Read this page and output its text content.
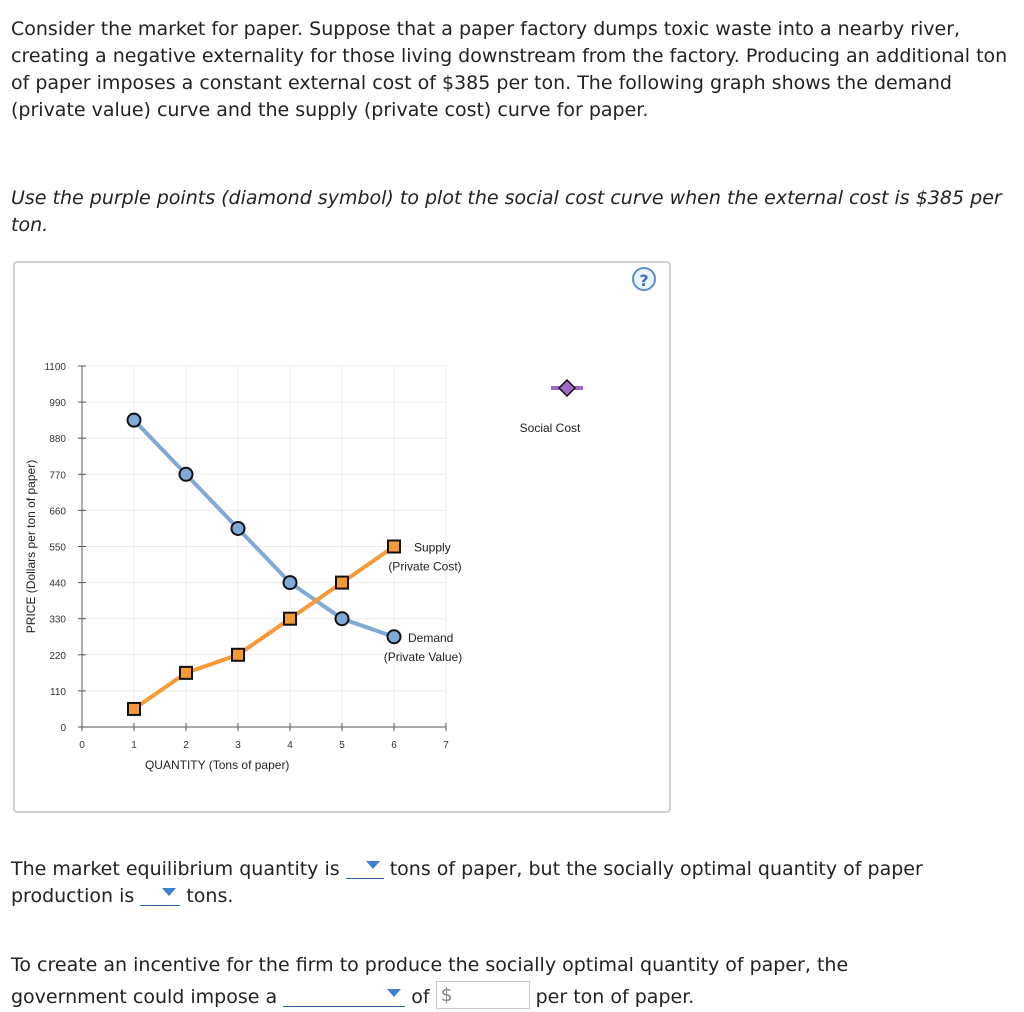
Consider the market for paper. Suppose that a paper factory dumps toxic waste into a nearby river, creating a negative externality for those living downstream from the factory. Producing an additional ton of paper imposes a constant external cost of $385 per ton. The following graph shows the demand (private value) curve and the supply (private cost) curve for paper.

Use the purple points (diamond symbol) to plot the social cost curve when the external cost is $385 per ton.

?
0
110
220
330
440
550
660
770
880
990
1100
0	1	2	3	4	5	6	7
QUANTITY (Tons of paper)
PRICE (Dollars per ton of paper)	Supply
(Private Cost)
Demand
(Private Value)
Social Cost
The market equilibrium quantity is	tons of paper, but the socially optimal quantity of paper
production is	tons.
To create an incentive for the firm to produce the socially optimal quantity of paper, the
government could impose a	of $	per ton of paper.
